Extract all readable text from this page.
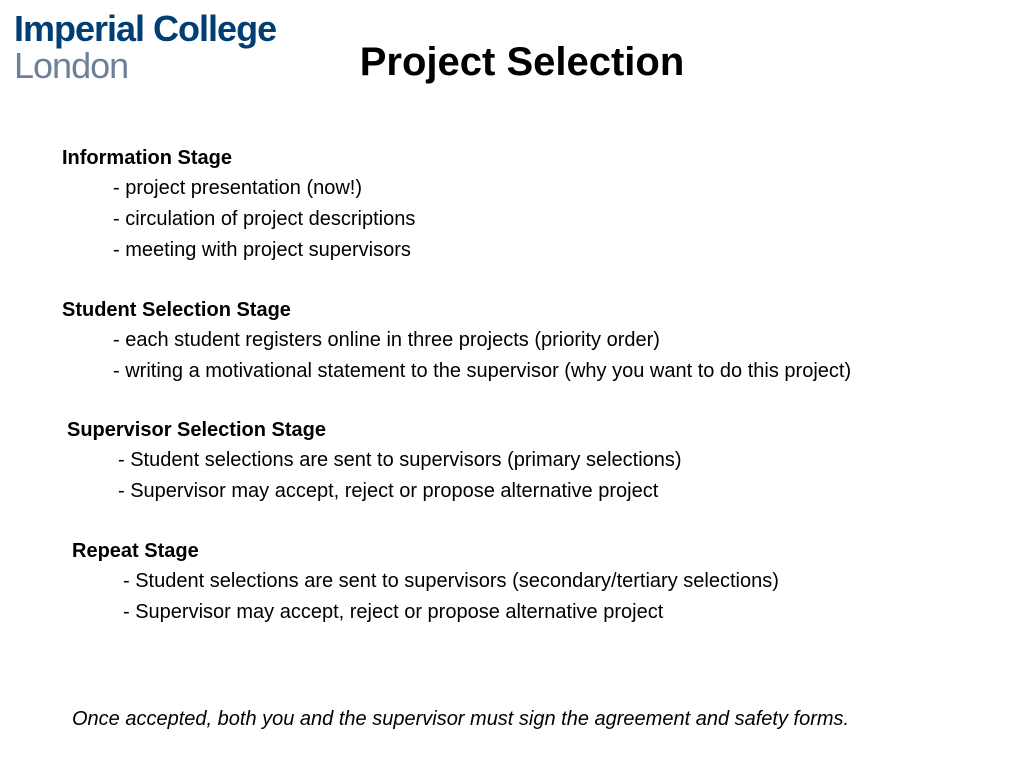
Imperial College
London	Project Selection
Information Stage
- project presentation (now!)
- circulation of project descriptions
- meeting with project supervisors
Student Selection Stage
- each student registers online in three projects (priority order)
- writing a motivational statement to the supervisor (why you want to do this project)
Supervisor Selection Stage
- Student selections are sent to supervisors (primary selections)
- Supervisor may accept, reject or propose alternative project
Repeat Stage
- Student selections are sent to supervisors (secondary/tertiary selections)
- Supervisor may accept, reject or propose alternative project
Once accepted, both you and the supervisor must sign the agreement and safety forms.
